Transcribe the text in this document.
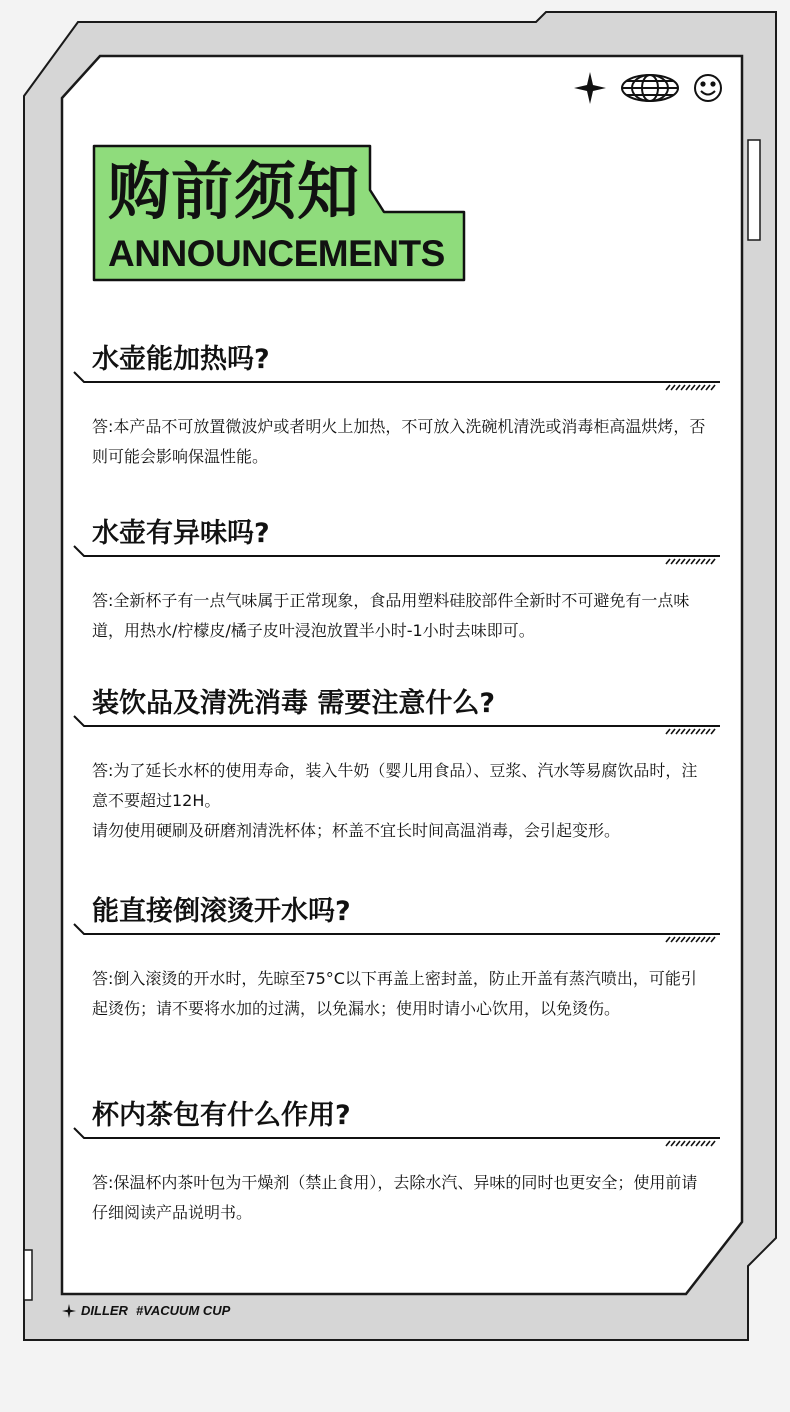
购前须知
ANNOUNCEMENTS
水壶能加热吗?

答:本产品不可放置微波炉或者明火上加热，不可放入洗碗机清洗或消毒柜高温烘烤，否则可能会影响保温性能。

水壶有异味吗?

答:全新杯子有一点气味属于正常现象，食品用塑料硅胶部件全新时不可避免有一点味道，用热水/柠檬皮/橘子皮叶浸泡放置半小时-1小时去味即可。

装饮品及清洗消毒 需要注意什么?

答:为了延长水杯的使用寿命，装入牛奶（婴儿用食品）、豆浆、汽水等易腐饮品时，注意不要超过12H。

请勿使用硬刷及研磨剂清洗杯体；杯盖不宜长时间高温消毒，会引起变形。

能直接倒滚烫开水吗?

答:倒入滚烫的开水时，先晾至75°C以下再盖上密封盖，防止开盖有蒸汽喷出，可能引起烫伤；请不要将水加的过满，以免漏水；使用时请小心饮用，以免烫伤。

杯内茶包有什么作用?

答:保温杯内茶叶包为干燥剂（禁止食用），去除水汽、异味的同时也更安全；使用前请仔细阅读产品说明书。

DILLER #VACUUM CUP
